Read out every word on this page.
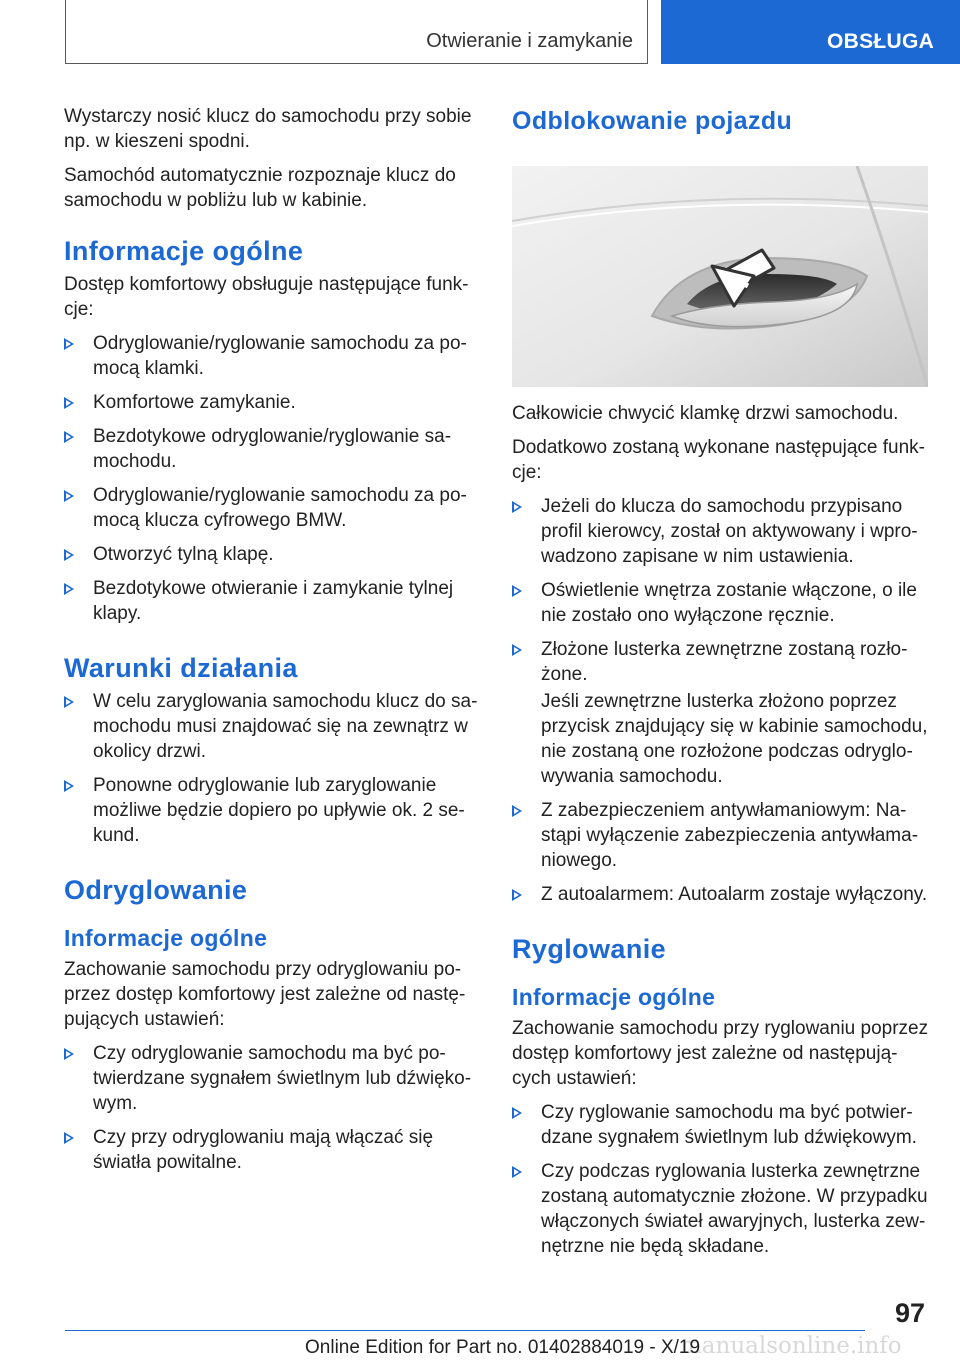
Otwieranie i zamykanie	OBSŁUGA

Wystarczy nosić klucz do samochodu przy sobie np. w kieszeni spodni.

Samochód automatycznie rozpoznaje klucz do samochodu w pobliżu lub w kabinie.

Informacje ogólne

Dostęp komfortowy obsługuje następujące funk-cje:

Odryglowanie/ryglowanie samochodu za po-mocą klamki.
Komfortowe zamykanie.
Bezdotykowe odryglowanie/ryglowanie sa-mochodu.
Odryglowanie/ryglowanie samochodu za po-mocą klucza cyfrowego BMW.
Otworzyć tylną klapę.
Bezdotykowe otwieranie i zamykanie tylnej klapy.
Warunki działania
W celu zaryglowania samochodu klucz do sa-mochodu musi znajdować się na zewnątrz w okolicy drzwi.
Ponowne odryglowanie lub zaryglowanie możliwe będzie dopiero po upływie ok. 2 se-kund.
Odryglowanie
Informacje ogólne

Zachowanie samochodu przy odryglowaniu po-przez dostęp komfortowy jest zależne od nastę-pujących ustawień:

Czy odryglowanie samochodu ma być po-twierdzane sygnałem świetlnym lub dźwięko-wym.
Czy przy odryglowaniu mają włączać się światła powitalne.
Odblokowanie pojazdu

Całkowicie chwycić klamkę drzwi samochodu.

Dodatkowo zostaną wykonane następujące funk-cje:

Jeżeli do klucza do samochodu przypisano profil kierowcy, został on aktywowany i wpro-wadzono zapisane w nim ustawienia.
Oświetlenie wnętrza zostanie włączone, o ile nie zostało ono wyłączone ręcznie.
Złożone lusterka zewnętrzne zostaną rozło-żone.

Jeśli zewnętrzne lusterka złożono poprzez przycisk znajdujący się w kabinie samochodu, nie zostaną one rozłożone podczas odryglo-wywania samochodu.

Z zabezpieczeniem antywłamaniowym: Na-stąpi wyłączenie zabezpieczenia antywłama-niowego.
Z autoalarmem: Autoalarm zostaje wyłączony.
Ryglowanie
Informacje ogólne

Zachowanie samochodu przy ryglowaniu poprzez dostęp komfortowy jest zależne od następują-cych ustawień:

Czy ryglowanie samochodu ma być potwier-dzane sygnałem świetlnym lub dźwiękowym.
Czy podczas ryglowania lusterka zewnętrzne zostaną automatycznie złożone. W przypadku włączonych świateł awaryjnych, lusterka zew-nętrzne nie będą składane.
97
manualsonline.info
Online Edition for Part no. 01402884019 - X/19
